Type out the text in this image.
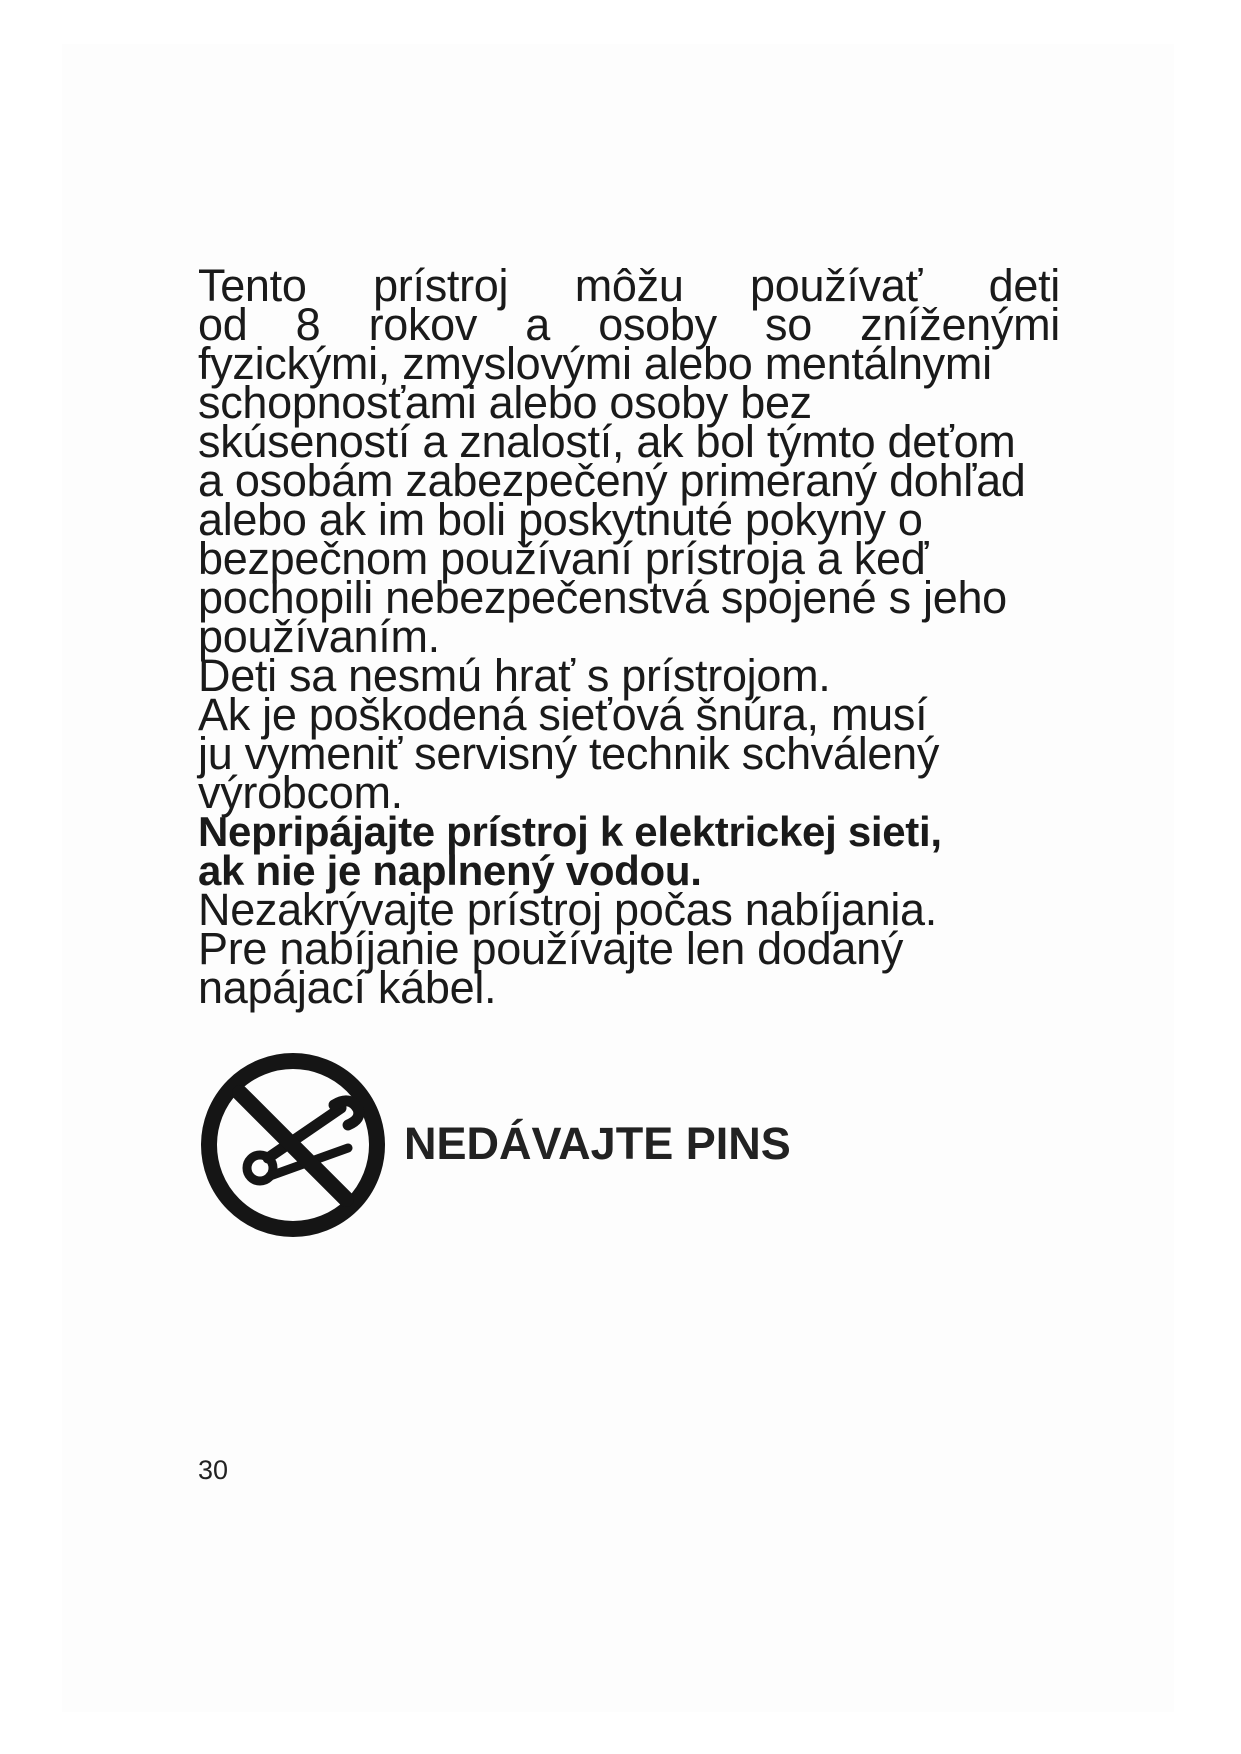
Tento prístroj môžu používať deti
od 8 rokov a osoby so zníženými
fyzickými, zmyslovými alebo mentálnymi
schopnosťami alebo osoby bez
skúseností a znalostí, ak bol týmto deťom
a osobám zabezpečený primeraný dohľad
alebo ak im boli poskytnuté pokyny o
bezpečnom používaní prístroja a keď
pochopili nebezpečenstvá spojené s jeho
používaním.
Deti sa nesmú hrať s prístrojom.
Ak je poškodená sieťová šnúra, musí
ju vymeniť servisný technik schválený
výrobcom.
Nepripájajte prístroj k elektrickej sieti,
ak nie je naplnený vodou.
Nezakrývajte prístroj počas nabíjania.
Pre nabíjanie používajte len dodaný
napájací kábel.
NEDÁVAJTE PINS
30
